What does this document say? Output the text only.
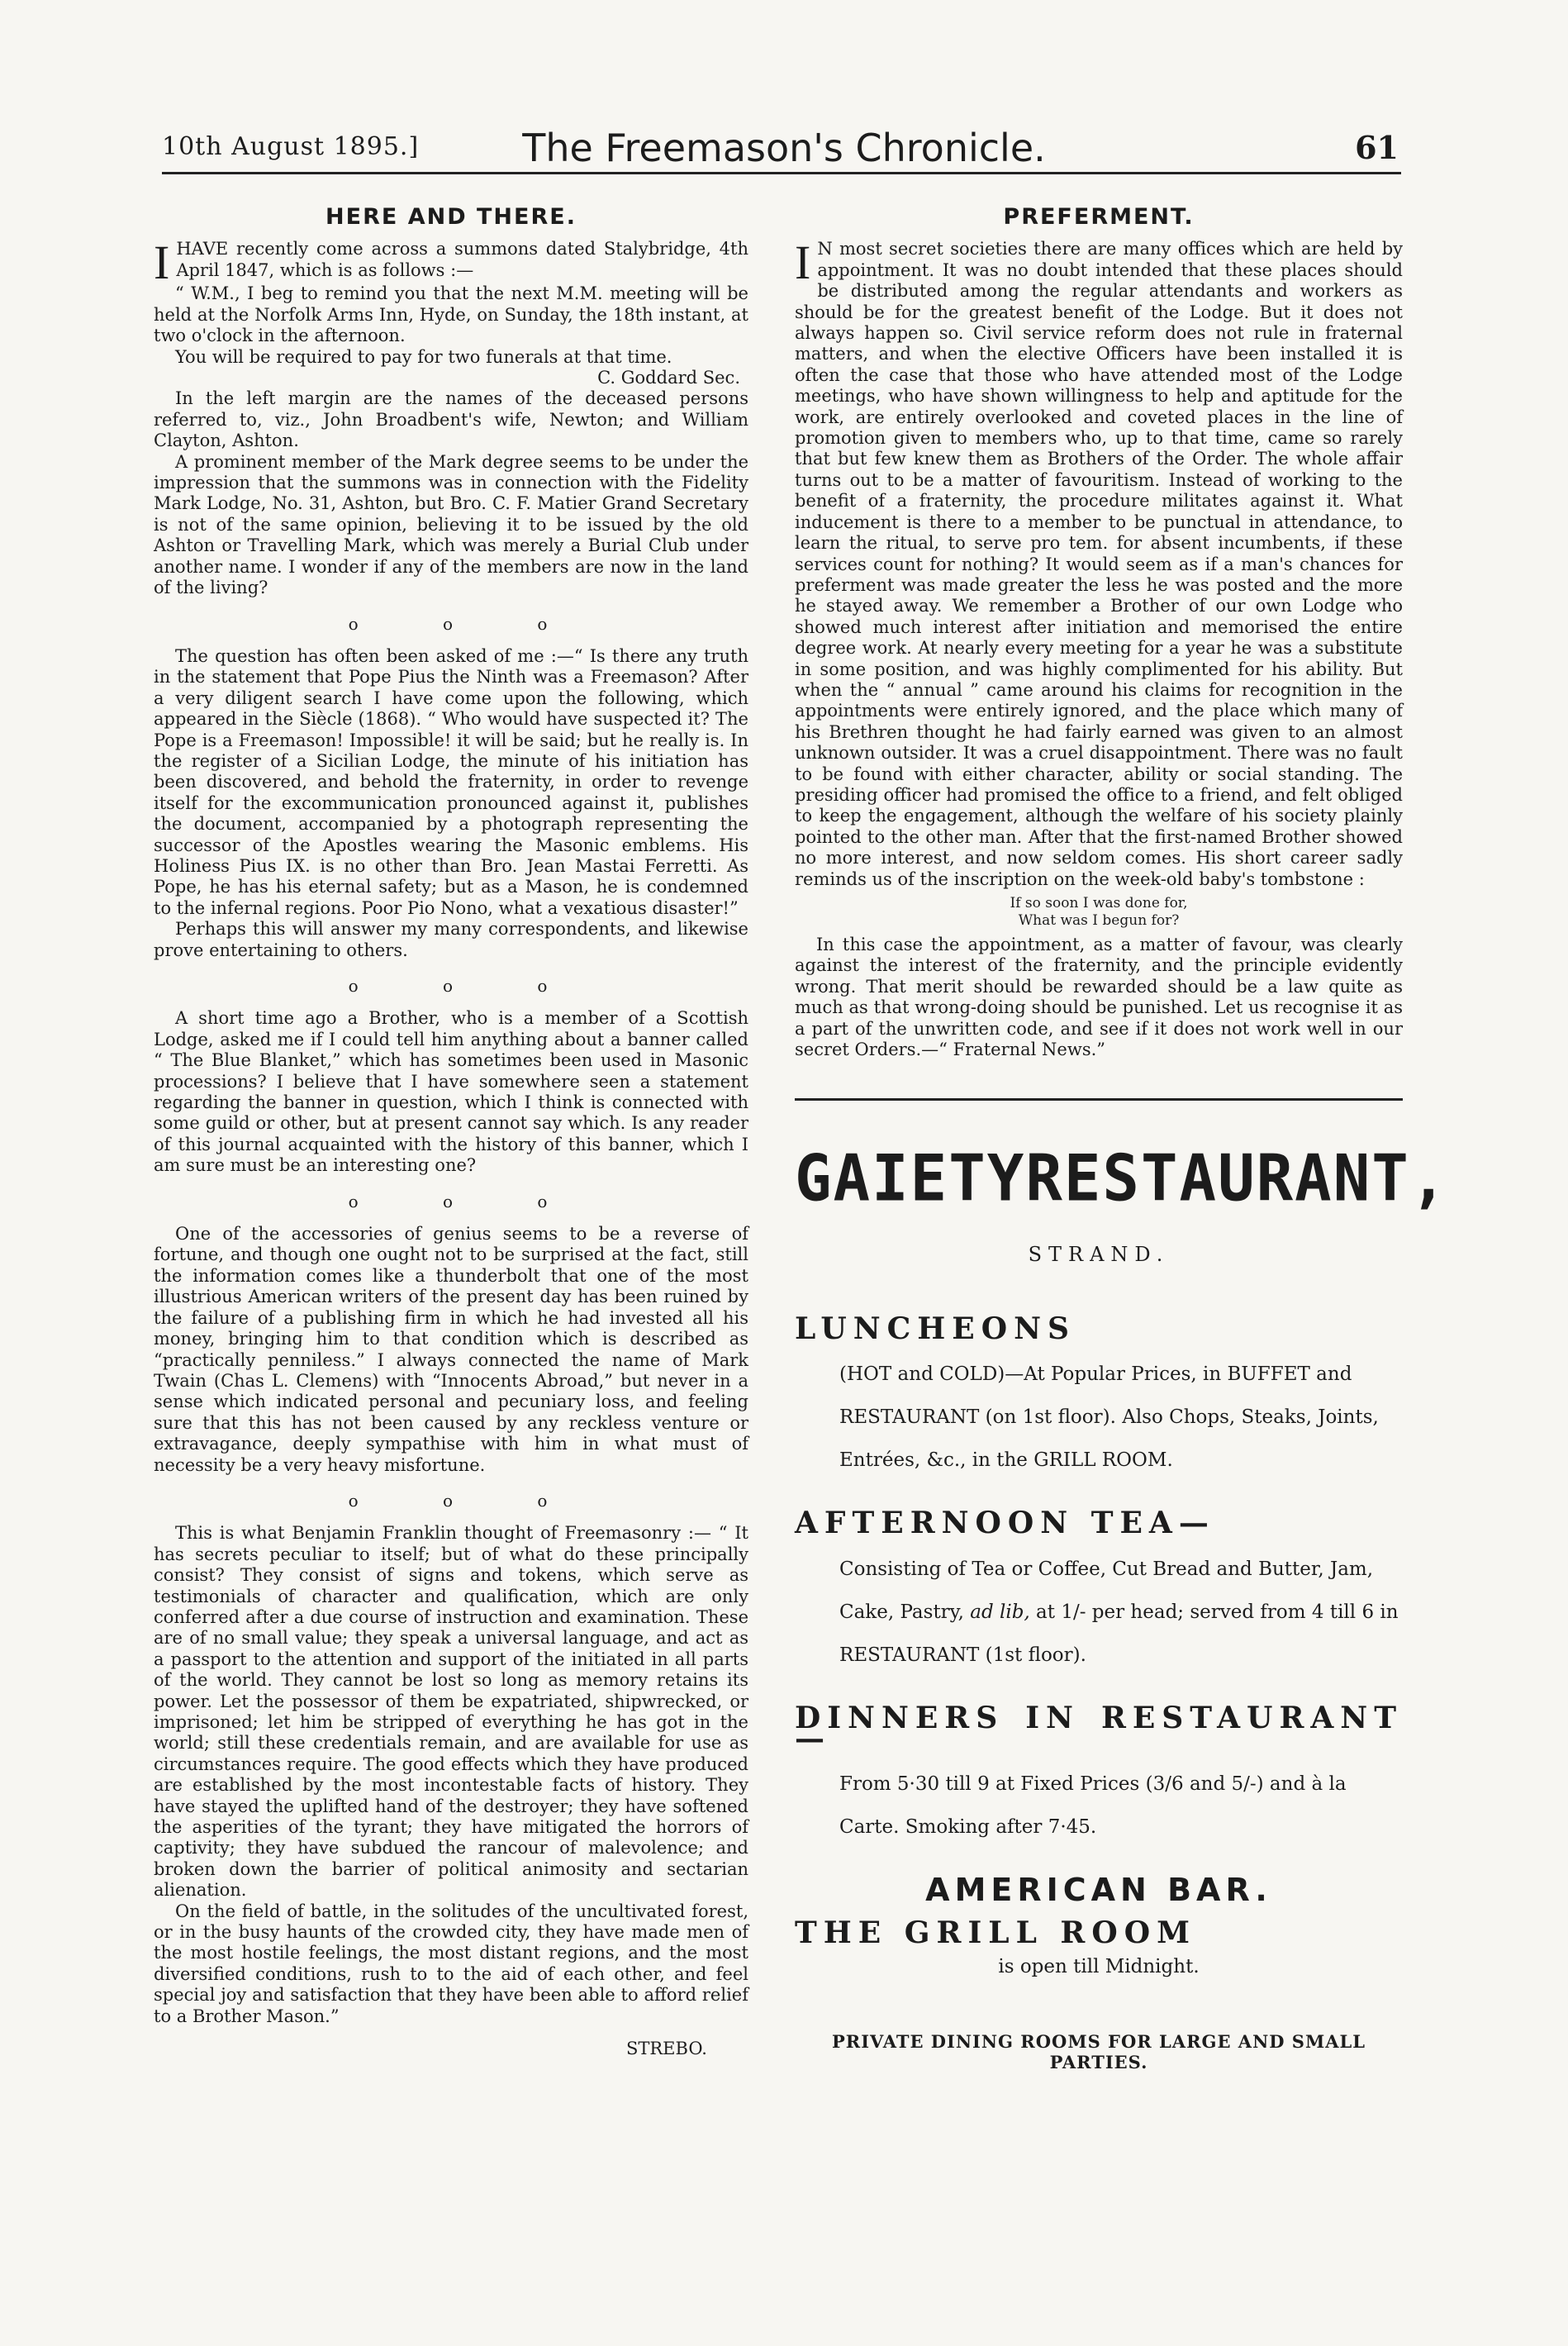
10th August 1895.]	The Freemason's Chronicle.	61
HERE AND THERE.

IHAVE recently come across a summons dated Stalybridge, 4th April 1847, which is as follows :—

“ W.M., I beg to remind you that the next M.M. meeting will be held at the Norfolk Arms Inn, Hyde, on Sunday, the 18th instant, at two o'clock in the afternoon.

You will be required to pay for two funerals at that time.

C. Goddard Sec.

In the left margin are the names of the deceased persons referred to, viz., John Broadbent's wife, Newton; and William Clayton, Ashton.

A prominent member of the Mark degree seems to be under the impression that the summons was in connection with the Fidelity Mark Lodge, No. 31, Ashton, but Bro. C. F. Matier Grand Secretary is not of the same opinion, believing it to be issued by the old Ashton or Travelling Mark, which was merely a Burial Club under another name. I wonder if any of the members are now in the land of the living?

o o o

The question has often been asked of me :—“ Is there any truth in the statement that Pope Pius the Ninth was a Freemason? After a very diligent search I have come upon the following, which appeared in the Siècle (1868). “ Who would have suspected it? The Pope is a Freemason! Impossible! it will be said; but he really is. In the register of a Sicilian Lodge, the minute of his initiation has been discovered, and behold the fraternity, in order to revenge itself for the excommunication pronounced against it, publishes the document, accompanied by a photograph representing the successor of the Apostles wearing the Masonic emblems. His Holiness Pius IX. is no other than Bro. Jean Mastai Ferretti. As Pope, he has his eternal safety; but as a Mason, he is condemned to the infernal regions. Poor Pio Nono, what a vexatious disaster!”

Perhaps this will answer my many correspondents, and likewise prove entertaining to others.

o o o

A short time ago a Brother, who is a member of a Scottish Lodge, asked me if I could tell him anything about a banner called “ The Blue Blanket,” which has sometimes been used in Masonic processions? I believe that I have somewhere seen a statement regarding the banner in question, which I think is connected with some guild or other, but at present cannot say which. Is any reader of this journal acquainted with the history of this banner, which I am sure must be an interesting one?

o o o

One of the accessories of genius seems to be a reverse of fortune, and though one ought not to be surprised at the fact, still the information comes like a thunderbolt that one of the most illustrious American writers of the present day has been ruined by the failure of a publishing firm in which he had invested all his money, bringing him to that condition which is described as “practically penniless.” I always connected the name of Mark Twain (Chas L. Clemens) with “Innocents Abroad,” but never in a sense which indicated personal and pecuniary loss, and feeling sure that this has not been caused by any reckless venture or extravagance, deeply sympathise with him in what must of necessity be a very heavy misfortune.

o o o

This is what Benjamin Franklin thought of Freemasonry :— “ It has secrets peculiar to itself; but of what do these principally consist? They consist of signs and tokens, which serve as testimonials of character and qualification, which are only conferred after a due course of instruction and examination. These are of no small value; they speak a universal language, and act as a passport to the attention and support of the initiated in all parts of the world. They cannot be lost so long as memory retains its power. Let the possessor of them be expatriated, shipwrecked, or imprisoned; let him be stripped of everything he has got in the world; still these credentials remain, and are available for use as circumstances require. The good effects which they have produced are established by the most incontestable facts of history. They have stayed the uplifted hand of the destroyer; they have softened the asperities of the tyrant; they have mitigated the horrors of captivity; they have subdued the rancour of malevolence; and broken down the barrier of political animosity and sectarian alienation.

On the field of battle, in the solitudes of the uncultivated forest, or in the busy haunts of the crowded city, they have made men of the most hostile feelings, the most distant regions, and the most diversified conditions, rush to to the aid of each other, and feel special joy and satisfaction that they have been able to afford relief to a Brother Mason.”

STREBO.
PREFERMENT.

I N most secret societies there are many offices which are held by appointment. It was no doubt intended that these places should be distributed among the regular attendants and workers as should be for the greatest benefit of the Lodge. But it does not always happen so. Civil service reform does not rule in fraternal matters, and when the elective Officers have been installed it is often the case that those who have attended most of the Lodge meetings, who have shown willingness to help and aptitude for the work, are entirely overlooked and coveted places in the line of promotion given to members who, up to that time, came so rarely that but few knew them as Brothers of the Order. The whole affair turns out to be a matter of favouritism. Instead of working to the benefit of a fraternity, the procedure militates against it. What inducement is there to a member to be punctual in attendance, to learn the ritual, to serve pro tem. for absent incumbents, if these services count for nothing? It would seem as if a man's chances for preferment was made greater the less he was posted and the more he stayed away. We remember a Brother of our own Lodge who showed much interest after initiation and memorised the entire degree work. At nearly every meeting for a year he was a substitute in some position, and was highly complimented for his ability. But when the “ annual ” came around his claims for recognition in the appointments were entirely ignored, and the place which many of his Brethren thought he had fairly earned was given to an almost unknown outsider. It was a cruel disappointment. There was no fault to be found with either character, ability or social standing. The presiding officer had promised the office to a friend, and felt obliged to keep the engagement, although the welfare of his society plainly pointed to the other man. After that the first-named Brother showed no more interest, and now seldom comes. His short career sadly reminds us of the inscription on the week-old baby's tombstone :

If so soon I was done for,
What was I begun for?

In this case the appointment, as a matter of favour, was clearly against the interest of the fraternity, and the principle evidently wrong. That merit should be rewarded should be a law quite as much as that wrong-doing should be punished. Let us recognise it as a part of the unwritten code, and see if it does not work well in our secret Orders.—“ Fraternal News.”

GAIETY RESTAURANT,
STRAND.
LUNCHEONS
(HOT and COLD)—At Popular Prices, in BUFFET and RESTAURANT (on 1st floor). Also Chops, Steaks, Joints, Entrées, &c., in the GRILL ROOM.
AFTERNOON TEA—
Consisting of Tea or Coffee, Cut Bread and Butter, Jam, Cake, Pastry, ad lib, at 1/- per head; served from 4 till 6 in RESTAURANT (1st floor).
DINNERS IN RESTAURANT—
From 5·30 till 9 at Fixed Prices (3/6 and 5/-) and à la Carte. Smoking after 7·45.
AMERICAN BAR.
THE GRILL ROOM
is open till Midnight.
PRIVATE DINING ROOMS FOR LARGE AND SMALL PARTIES.
